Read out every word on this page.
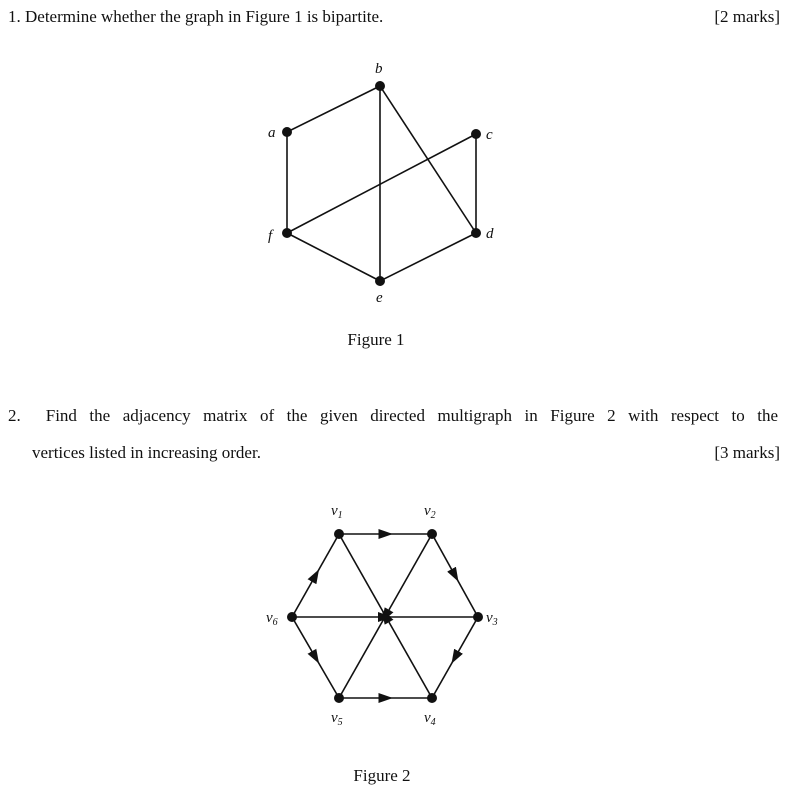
1. Determine whether the graph in Figure 1 is bipartite.	[2 marks]
a
b
c
d
e
f
Figure 1
2. Find the adjacency matrix of the given directed multigraph in Figure 2 with respect to the
vertices listed in increasing order.	[3 marks]
$v_1$	$v_2$
$v_3$
$v_4$
$v_5$
$v_6$
Figure 2
